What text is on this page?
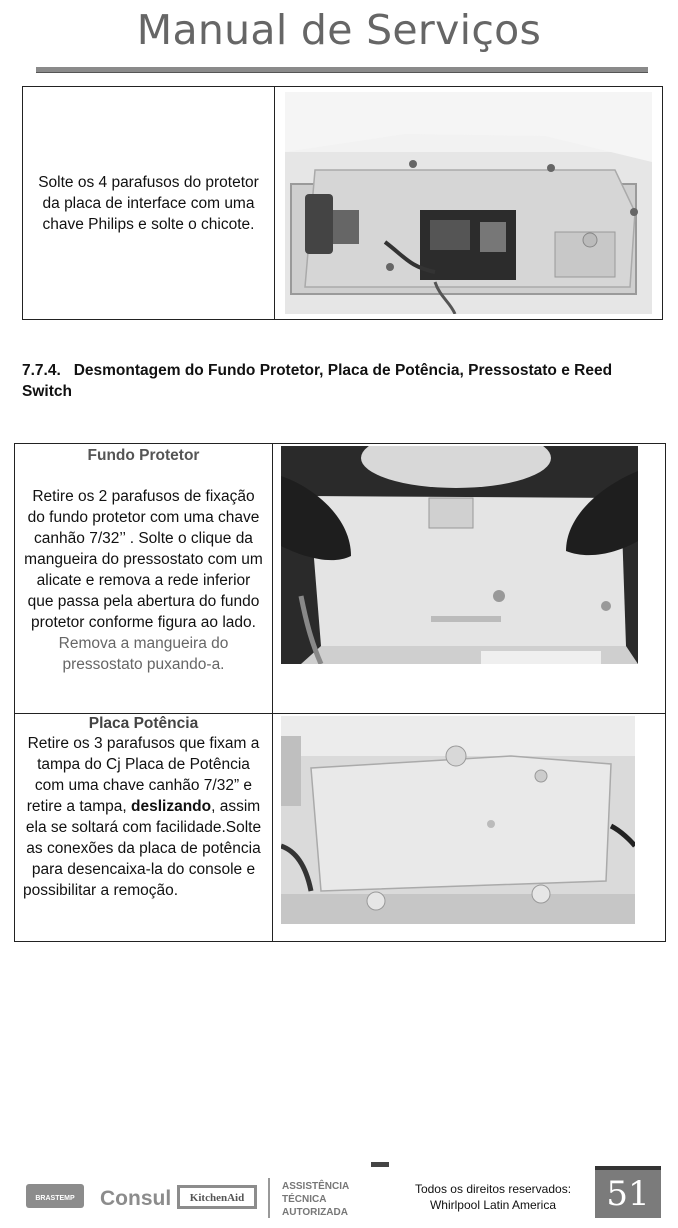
Manual de Serviços
Solte os 4 parafusos do protetor da placa de interface com uma chave Philips e solte o chicote.

7.7.4. Desmontagem do Fundo Protetor, Placa de Potência, Pressostato e Reed Switch
Fundo Protetor
Retire os 2 parafusos de fixação do fundo protetor com uma chave canhão 7/32’’ . Solte o clique da mangueira do pressostato com um alicate e remova a rede inferior que passa pela abertura do fundo protetor conforme figura ao lado.
Remova a mangueira do pressostato puxando-a.

Placa Potência
Retire os 3 parafusos que fixam a tampa do Cj Placa de Potência com uma chave canhão 7/32” e retire a tampa, deslizando, assim ela se soltará com facilidade.Solte as conexões da placa de potência para desencaixa-la do console e
possibilitar a remoção.

BRASTEMP Consul KitchenAid
ASSISTÊNCIA
TÉCNICA
AUTORIZADA
Todos os direitos reservados:
Whirlpool Latin America	51
